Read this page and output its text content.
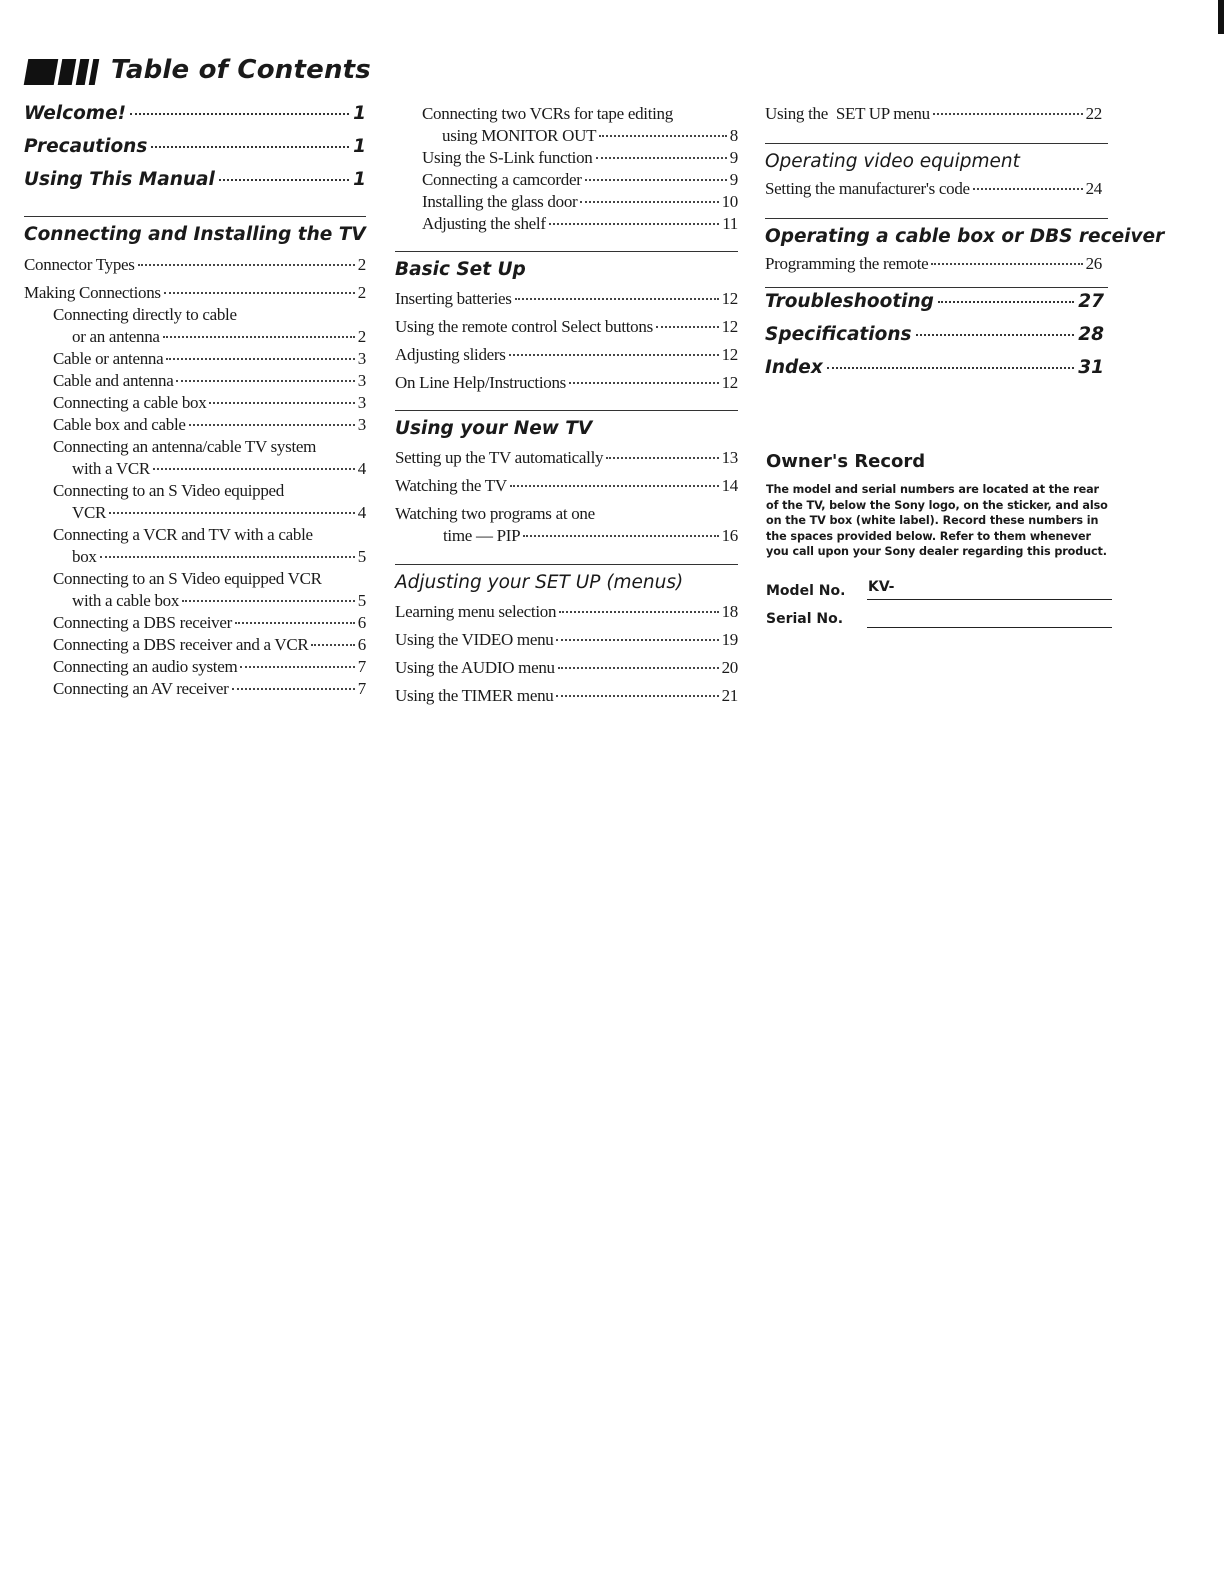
Table of Contents
Welcome!	1
Precautions	1
Using This Manual	1
Connecting and Installing the TV
Connector Types	2
Making Connections	2
Connecting directly to cable
or an antenna	2
Cable or antenna	3
Cable and antenna	3
Connecting a cable box	3
Cable box and cable	3
Connecting an antenna/cable TV system
with a VCR	4
Connecting to an S Video equipped
VCR	4
Connecting a VCR and TV with a cable
box	5
Connecting to an S Video equipped VCR
with a cable box	5
Connecting a DBS receiver	6
Connecting a DBS receiver and a VCR	6
Connecting an audio system	7
Connecting an AV receiver	7
Connecting two VCRs for tape editing
using MONITOR OUT	8
Using the S-Link function	9
Connecting a camcorder	9
Installing the glass door	10
Adjusting the shelf	11
Basic Set Up
Inserting batteries	12
Using the remote control Select buttons	12
Adjusting sliders	12
On Line Help/Instructions	12
Using your New TV
Setting up the TV automatically	13
Watching the TV	14
Watching two programs at one
time — PIP	16
Adjusting your SET UP (menus)
Learning menu selection	18
Using the VIDEO menu	19
Using the AUDIO menu	20
Using the TIMER menu	21
Using the  SET UP menu	22
Operating video equipment
Setting the manufacturer's code	24
Operating a cable box or DBS receiver
Programming the remote	26
Troubleshooting	27
Specifications	28
Index	31
Owner's Record
The model and serial numbers are located at the rear of the TV, below the Sony logo, on the sticker, and also on the TV box (white label). Record these numbers in the spaces provided below. Refer to them whenever you call upon your Sony dealer regarding this product.
Model No.	KV-
Serial No.
